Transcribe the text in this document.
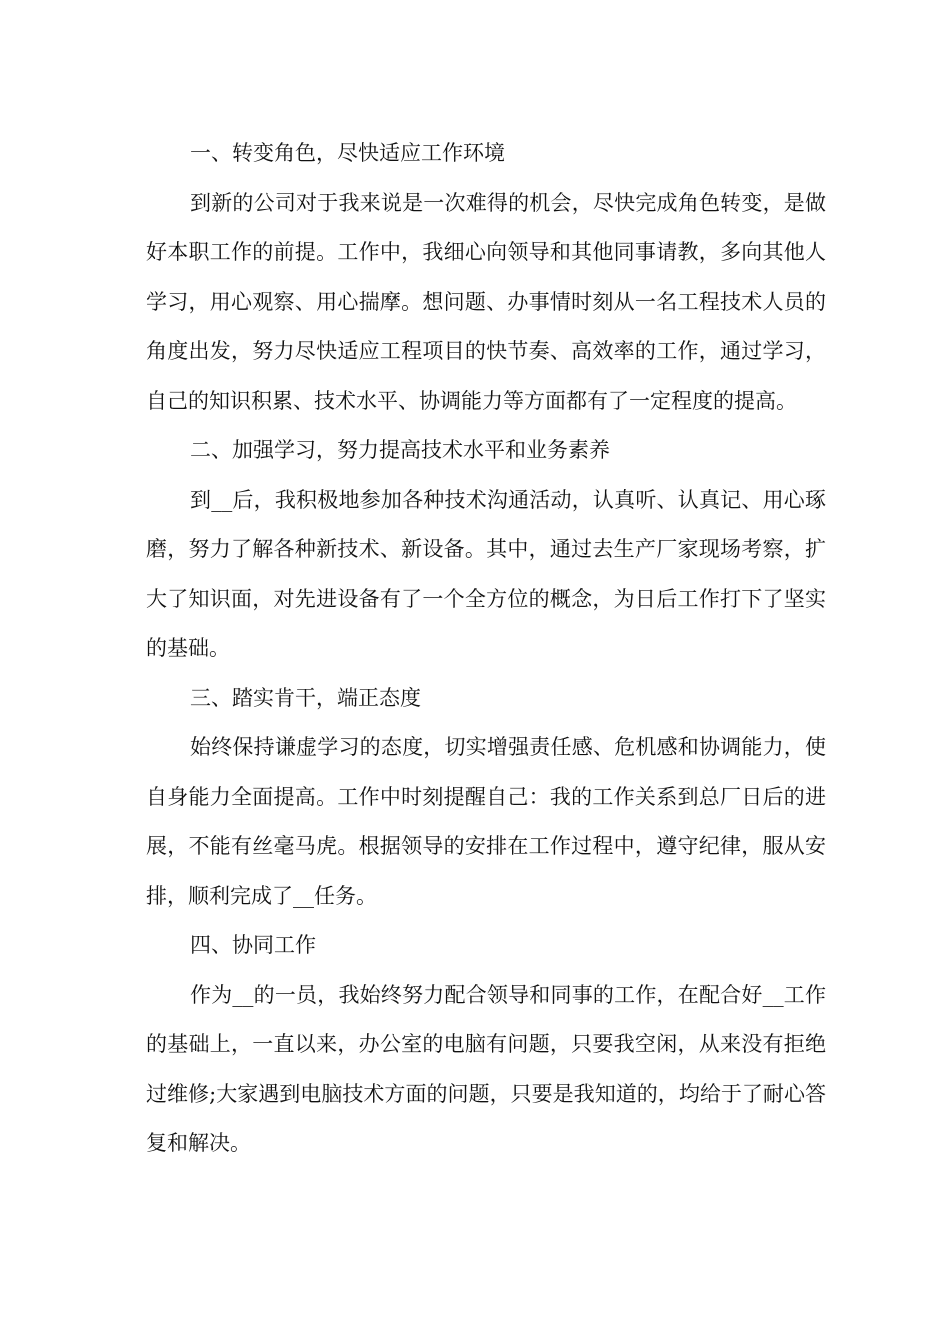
一、转变角色，尽快适应工作环境

到新的公司对于我来说是一次难得的机会，尽快完成角色转变，是做好本职工作的前提。工作中，我细心向领导和其他同事请教，多向其他人学习，用心观察、用心揣摩。想问题、办事情时刻从一名工程技术人员的角度出发，努力尽快适应工程项目的快节奏、高效率的工作，通过学习，自己的知识积累、技术水平、协调能力等方面都有了一定程度的提高。

二、加强学习，努力提高技术水平和业务素养

到__后，我积极地参加各种技术沟通活动，认真听、认真记、用心琢磨，努力了解各种新技术、新设备。其中，通过去生产厂家现场考察，扩大了知识面，对先进设备有了一个全方位的概念，为日后工作打下了坚实的基础。

三、踏实肯干，端正态度

始终保持谦虚学习的态度，切实增强责任感、危机感和协调能力，使自身能力全面提高。工作中时刻提醒自己：我的工作关系到总厂日后的进展，不能有丝毫马虎。根据领导的安排在工作过程中，遵守纪律，服从安排，顺利完成了__任务。

四、协同工作

作为__的一员，我始终努力配合领导和同事的工作，在配合好__工作的基础上，一直以来，办公室的电脑有问题，只要我空闲，从来没有拒绝过维修;大家遇到电脑技术方面的问题，只要是我知道的，均给于了耐心答复和解决。
